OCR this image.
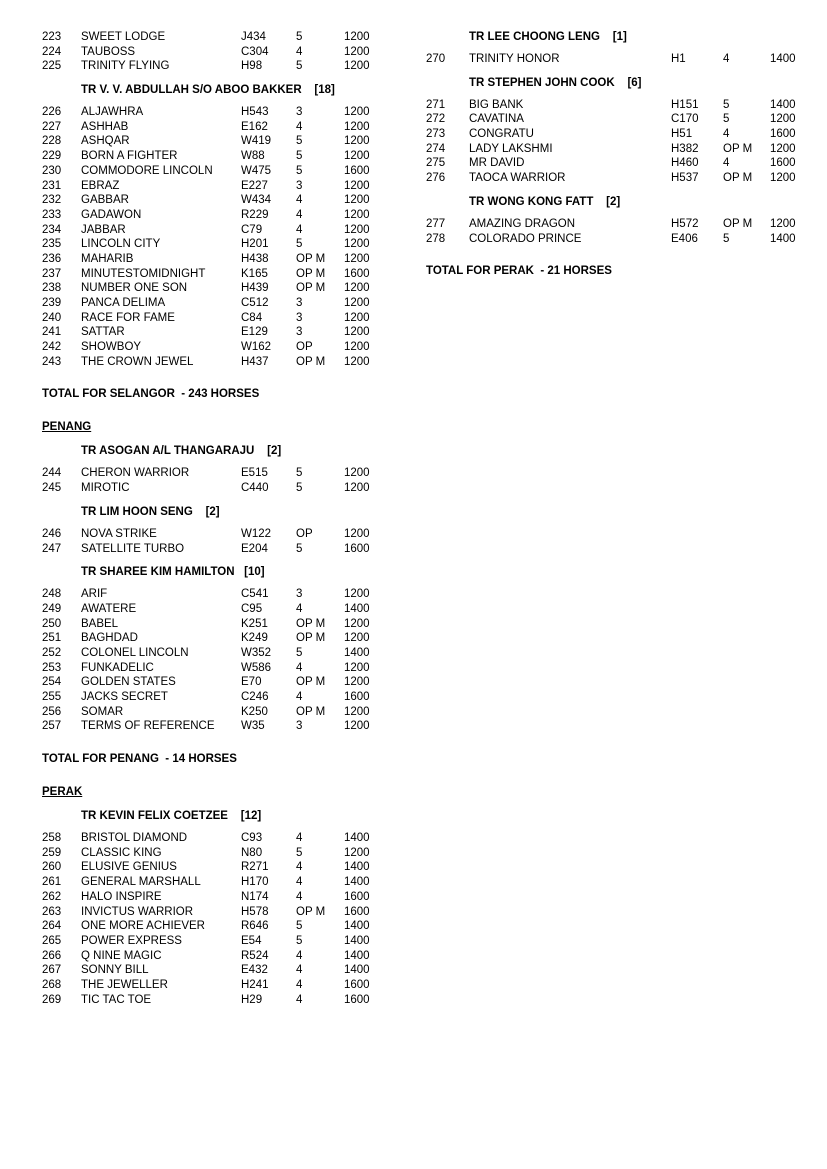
223 SWEET LODGE	J434	5	1200
224 TAUBOSS	C304 4	1200
225 TRINITY FLYING	H98	5	1200
TR V. V. ABDULLAH S/O ABOO BAKKER    [18]
226 ALJAWHRA	H543 3	1200
227 ASHHAB	E162 4	1200
228 ASHQAR	W419 5	1200
229 BORN A FIGHTER	W88	5	1200
230 COMMODORE LINCOLN W475 5	1600
231 EBRAZ	E227 3	1200
232 GABBAR	W434 4	1200
233 GADAWON	R229 4	1200
234 JABBAR	C79	4	1200
235 LINCOLN CITY	H201 5	1200
236 MAHARIB	H438 OP M 1200
237 MINUTESTOMIDNIGHT	K165 OP M 1600
238 NUMBER ONE SON	H439 OP M 1200
239 PANCA DELIMA	C512 3	1200
240 RACE FOR FAME	C84	3	1200
241 SATTAR	E129 3	1200
242 SHOWBOY	W162 OP	1200
243 THE CROWN JEWEL	H437 OP M 1200
TOTAL FOR SELANGOR  - 243 HORSES
PENANG
TR ASOGAN A/L THANGARAJU    [2]
244 CHERON WARRIOR	E515 5	1200
245 MIROTIC	C440 5	1200
TR LIM HOON SENG    [2]
246 NOVA STRIKE	W122 OP	1200
247 SATELLITE TURBO	E204 5	1600
TR SHAREE KIM HAMILTON   [10]
248 ARIF	C541 3	1200
249 AWATERE	C95	4	1400
250 BABEL	K251 OP M 1200
251 BAGHDAD	K249 OP M 1200
252 COLONEL LINCOLN	W352 5	1400
253 FUNKADELIC	W586 4	1200
254 GOLDEN STATES	E70	OP M 1200
255 JACKS SECRET	C246 4	1600
256 SOMAR	K250 OP M 1200
257 TERMS OF REFERENCE W35	3	1200
TOTAL FOR PENANG  - 14 HORSES
PERAK
TR KEVIN FELIX COETZEE    [12]
258 BRISTOL DIAMOND	C93	4	1400
259 CLASSIC KING	N80	5	1200
260 ELUSIVE GENIUS	R271 4	1400
261 GENERAL MARSHALL	H170 4	1400
262 HALO INSPIRE	N174 4	1600
263 INVICTUS WARRIOR	H578 OP M 1600
264 ONE MORE ACHIEVER	R646 5	1400
265 POWER EXPRESS	E54	5	1400
266 Q NINE MAGIC	R524 4	1400
267 SONNY BILL	E432 4	1400
268 THE JEWELLER	H241 4	1600
269 TIC TAC TOE	H29	4	1600
TR LEE CHOONG LENG    [1]
270 TRINITY HONOR	H1	4	1400
TR STEPHEN JOHN COOK    [6]
271 BIG BANK	H151 5	1400
272 CAVATINA	C170 5	1200
273 CONGRATU	H51	4	1600
274 LADY LAKSHMI	H382 OP M 1200
275 MR DAVID	H460 4	1600
276 TAOCA WARRIOR	H537 OP M 1200
TR WONG KONG FATT    [2]
277 AMAZING DRAGON	H572 OP M 1200
278 COLORADO PRINCE	E406 5	1400
TOTAL FOR PERAK  - 21 HORSES
